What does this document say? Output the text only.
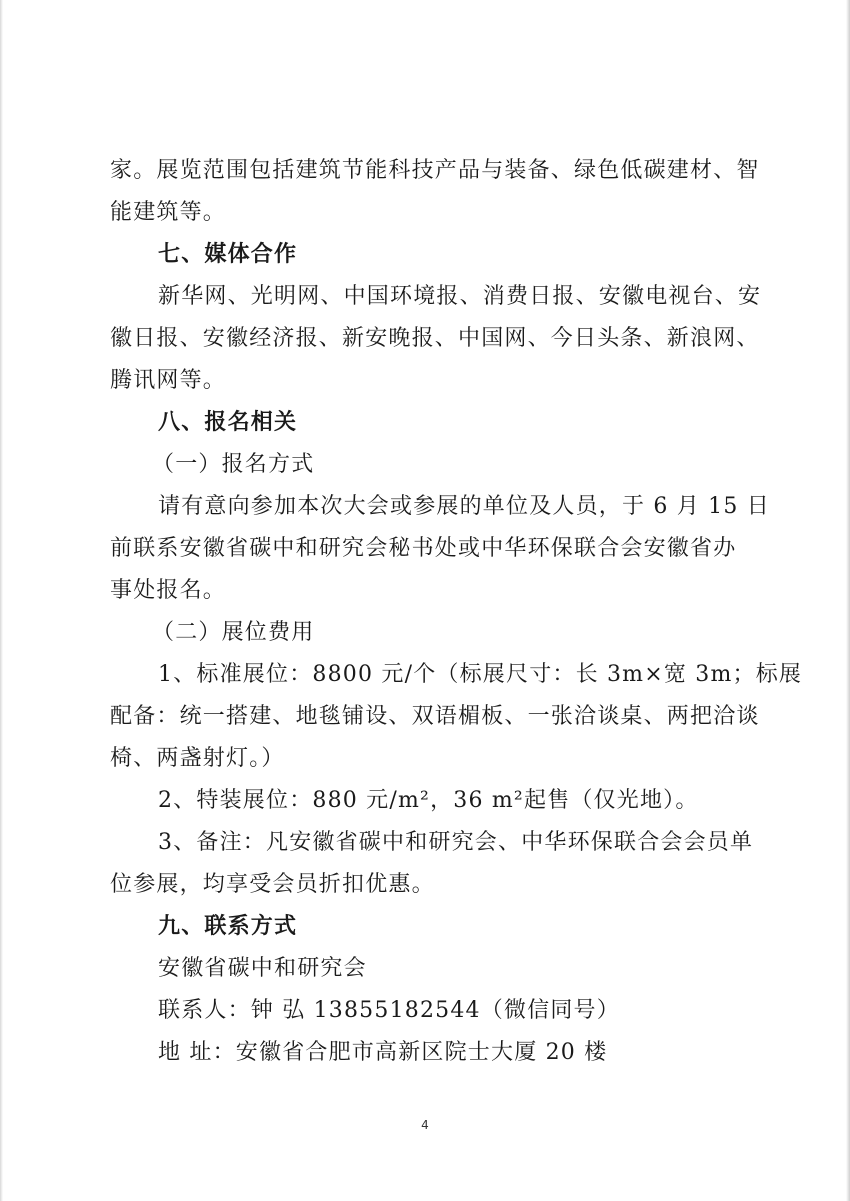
家。展览范围包括建筑节能科技产品与装备、绿色低碳建材、智
能建筑等。
七、媒体合作
新华网、光明网、中国环境报、消费日报、安徽电视台、安
徽日报、安徽经济报、新安晚报、中国网、今日头条、新浪网、
腾讯网等。
八、报名相关
（一）报名方式
请有意向参加本次大会或参展的单位及人员，于 6 月 15 日
前联系安徽省碳中和研究会秘书处或中华环保联合会安徽省办
事处报名。
（二）展位费用
1、标准展位：8800 元/个（标展尺寸：长 3m×宽 3m；标展
配备：统一搭建、地毯铺设、双语楣板、一张洽谈桌、两把洽谈
椅、两盏射灯。）
2、特装展位：880 元/m²，36 m²起售（仅光地）。
3、备注：凡安徽省碳中和研究会、中华环保联合会会员单
位参展，均享受会员折扣优惠。
九、联系方式
安徽省碳中和研究会
联系人：钟 弘 13855182544（微信同号）
地 址：安徽省合肥市高新区院士大厦 20 楼
4
